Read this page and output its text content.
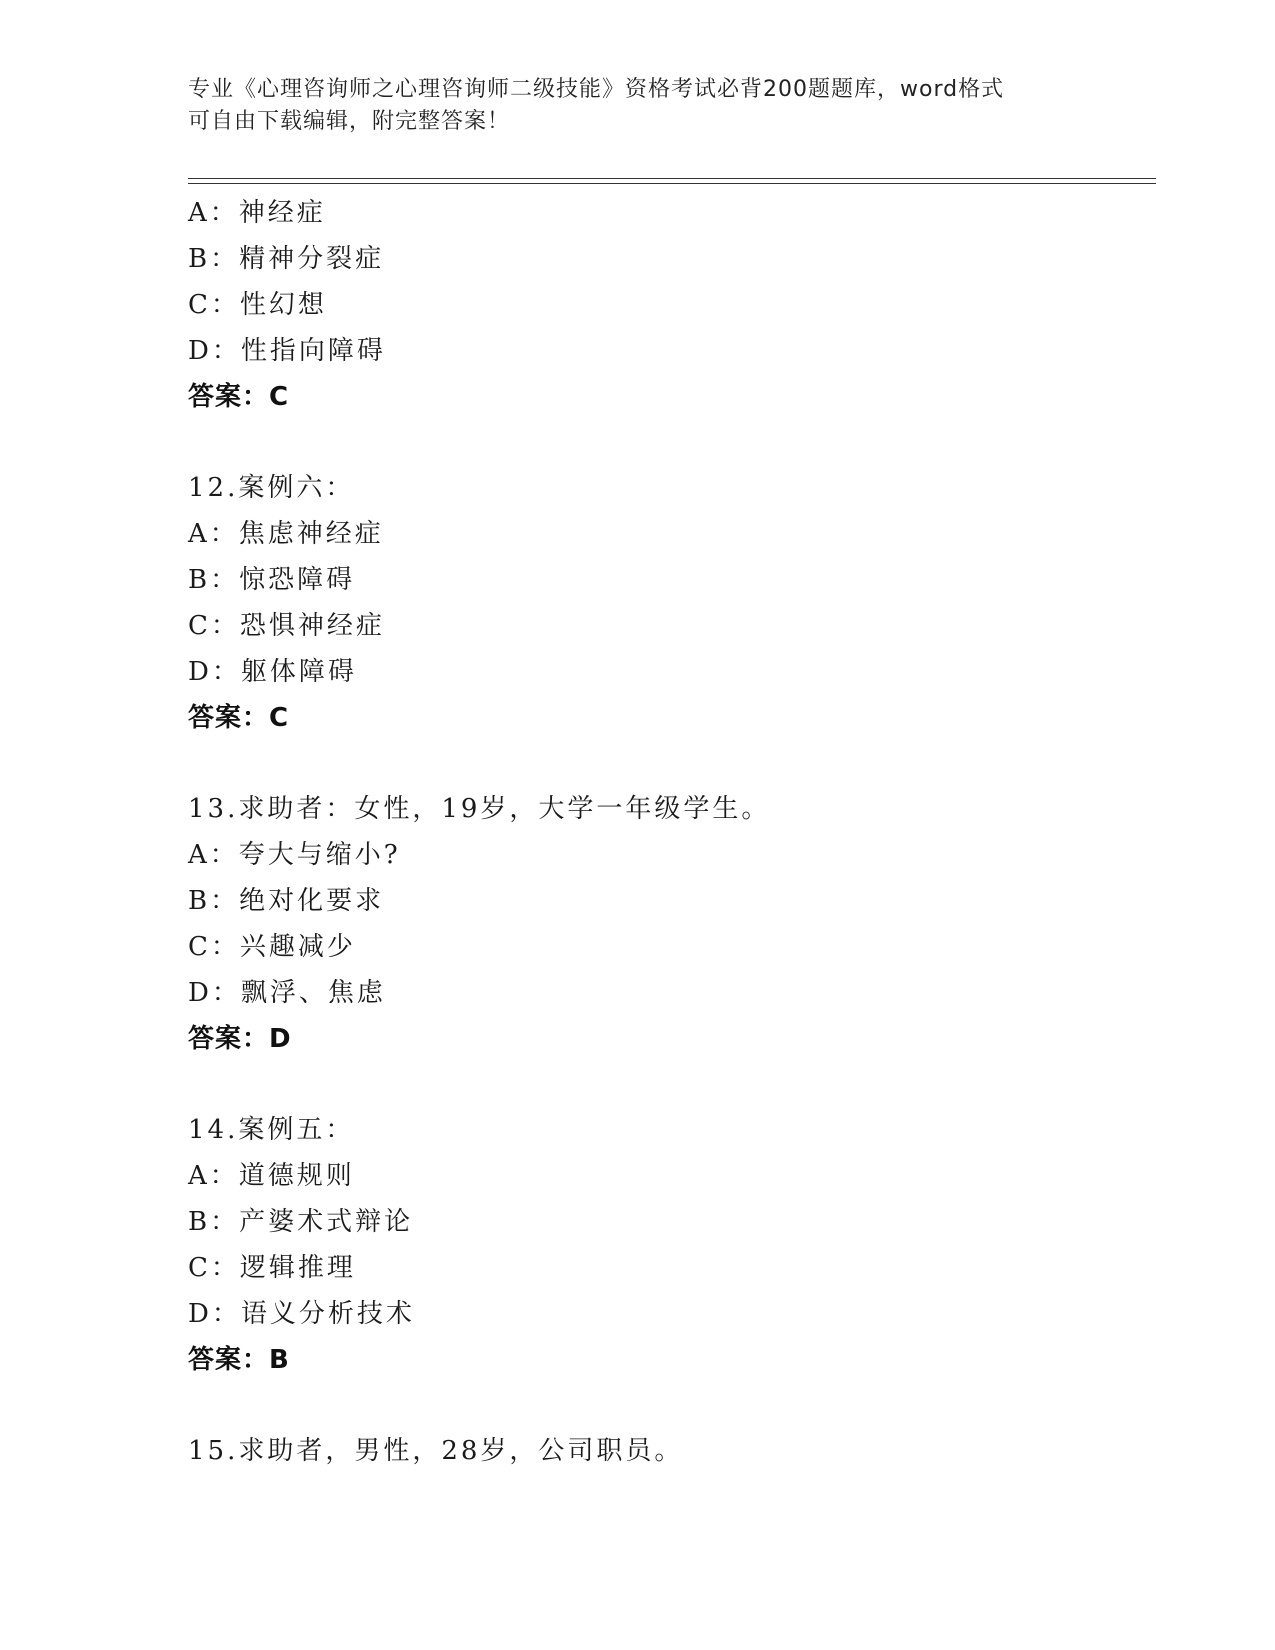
专业《心理咨询师之心理咨询师二级技能》资格考试必背200题题库，word格式
可自由下载编辑，附完整答案！
A：神经症
B：精神分裂症
C：性幻想
D：性指向障碍
答案：C
12.案例六：
A：焦虑神经症
B：惊恐障碍
C：恐惧神经症
D：躯体障碍
答案：C
13.求助者：女性，19岁，大学一年级学生。
A：夸大与缩小?
B：绝对化要求
C：兴趣减少
D：飘浮、焦虑
答案：D
14.案例五：
A：道德规则
B：产婆术式辩论
C：逻辑推理
D：语义分析技术
答案：B
15.求助者，男性，28岁，公司职员。
